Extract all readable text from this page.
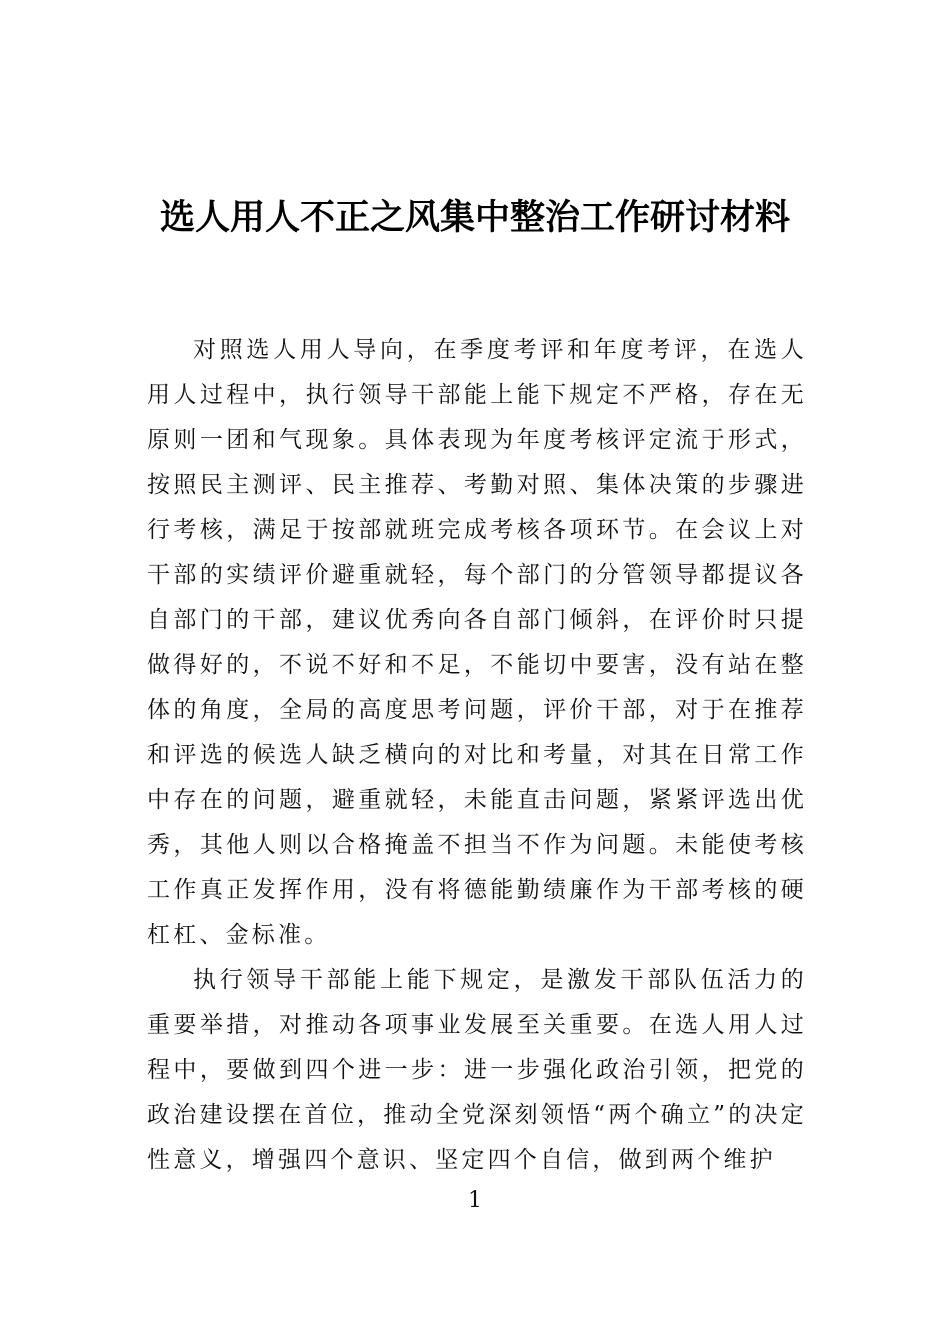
选人用人不正之风集中整治工作研讨材料

对照选人用人导向，在季度考评和年度考评，在选人用人过程中，执行领导干部能上能下规定不严格，存在无原则一团和气现象。具体表现为年度考核评定流于形式，按照民主测评、民主推荐、考勤对照、集体决策的步骤进行考核，满足于按部就班完成考核各项环节。在会议上对干部的实绩评价避重就轻，每个部门的分管领导都提议各自部门的干部，建议优秀向各自部门倾斜，在评价时只提做得好的，不说不好和不足，不能切中要害，没有站在整体的角度，全局的高度思考问题，评价干部，对于在推荐和评选的候选人缺乏横向的对比和考量，对其在日常工作中存在的问题，避重就轻，未能直击问题，紧紧评选出优秀，其他人则以合格掩盖不担当不作为问题。未能使考核工作真正发挥作用，没有将德能勤绩廉作为干部考核的硬杠杠、金标准。

执行领导干部能上能下规定，是激发干部队伍活力的重要举措，对推动各项事业发展至关重要。在选人用人过程中，要做到四个进一步：进一步强化政治引领，把党的政治建设摆在首位，推动全党深刻领悟“两个确立”的决定性意义，增强四个意识、坚定四个自信，做到两个维护

1
